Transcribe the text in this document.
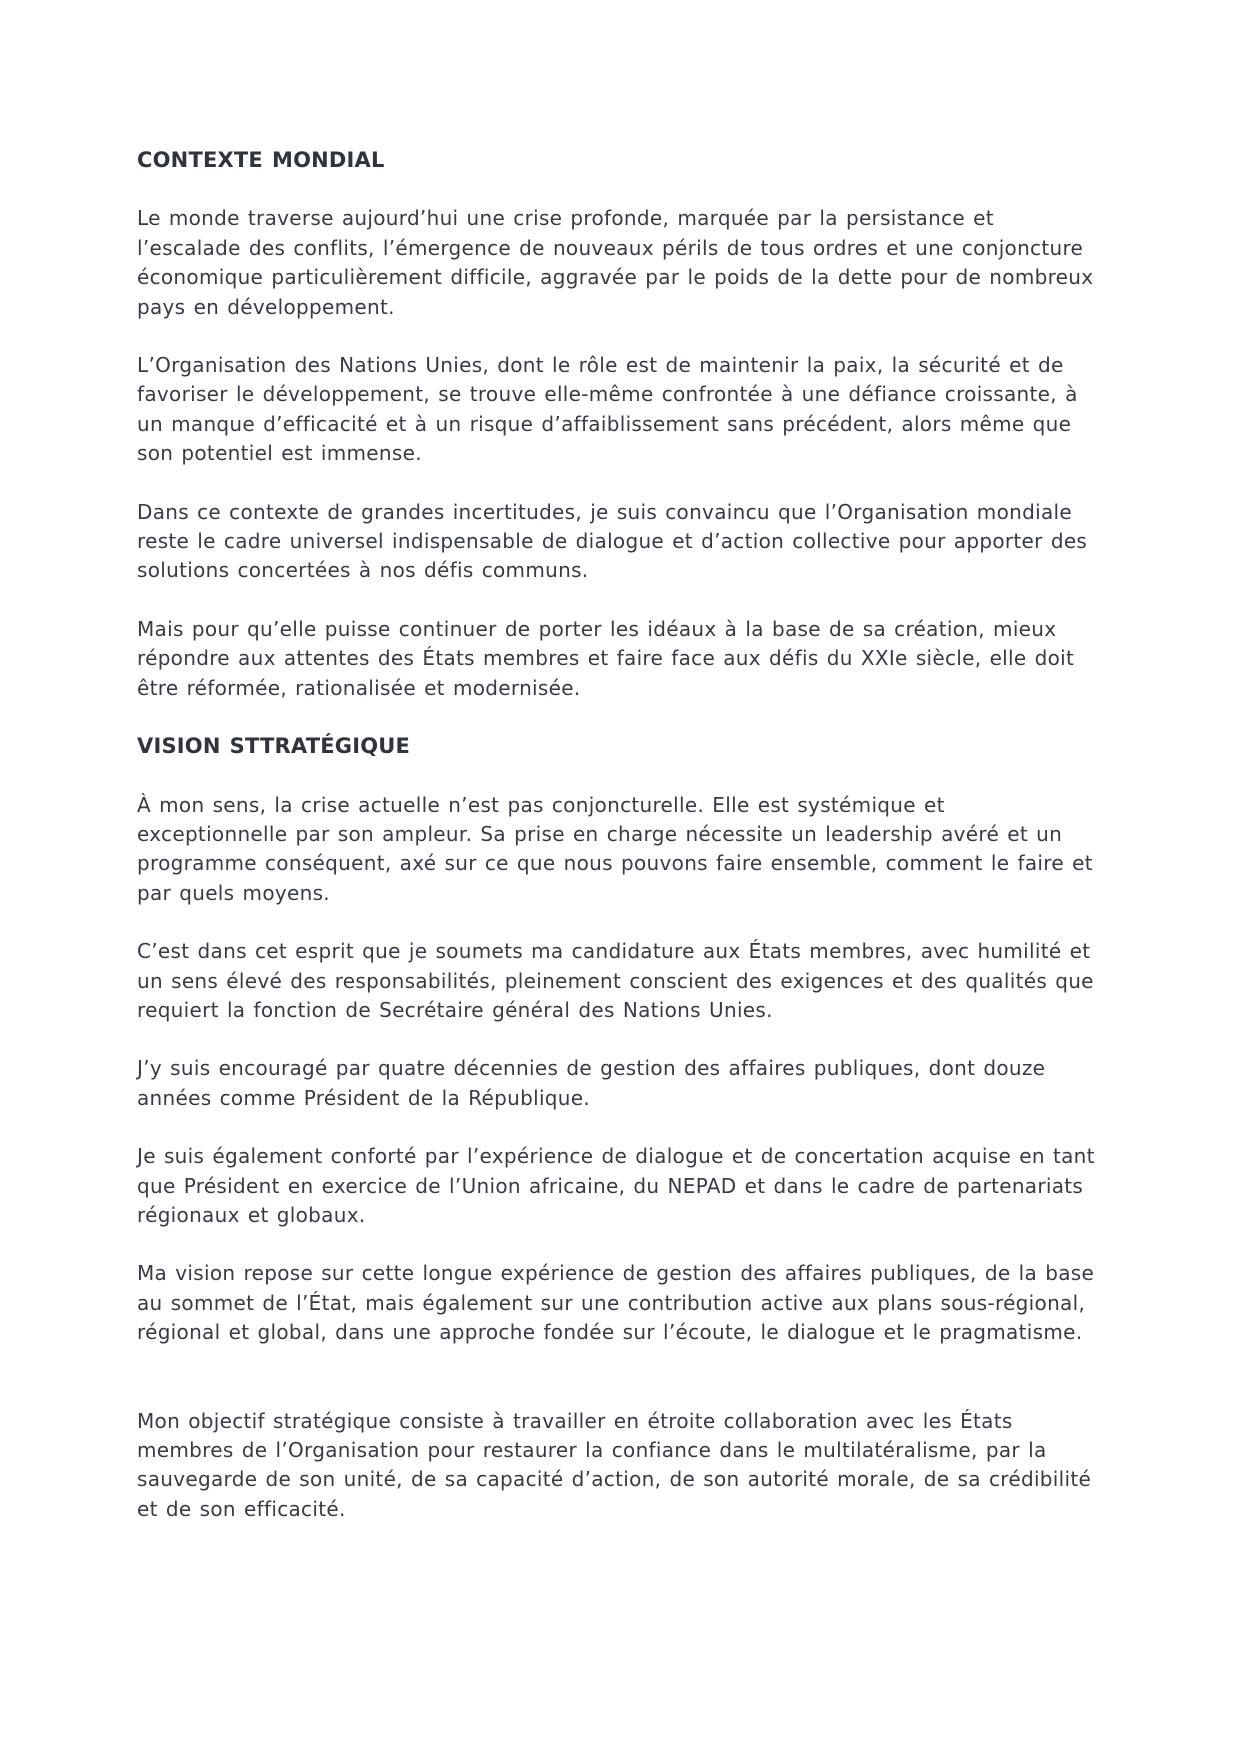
CONTEXTE MONDIAL

Le monde traverse aujourd’hui une crise profonde, marquée par la persistance et l’escalade des conflits, l’émergence de nouveaux périls de tous ordres et une conjoncture économique particulièrement difficile, aggravée par le poids de la dette pour de nombreux pays en développement.

L’Organisation des Nations Unies, dont le rôle est de maintenir la paix, la sécurité et de favoriser le développement, se trouve elle-même confrontée à une défiance croissante, à un manque d’efficacité et à un risque d’affaiblissement sans précédent, alors même que son potentiel est immense.

Dans ce contexte de grandes incertitudes, je suis convaincu que l’Organisation mondiale reste le cadre universel indispensable de dialogue et d’action collective pour apporter des solutions concertées à nos défis communs.

Mais pour qu’elle puisse continuer de porter les idéaux à la base de sa création, mieux répondre aux attentes des États membres et faire face aux défis du XXIe siècle, elle doit être réformée, rationalisée et modernisée.

VISION STTRATÉGIQUE

À mon sens, la crise actuelle n’est pas conjoncturelle. Elle est systémique et exceptionnelle par son ampleur. Sa prise en charge nécessite un leadership avéré et un programme conséquent, axé sur ce que nous pouvons faire ensemble, comment le faire et par quels moyens.

C’est dans cet esprit que je soumets ma candidature aux États membres, avec humilité et un sens élevé des responsabilités, pleinement conscient des exigences et des qualités que requiert la fonction de Secrétaire général des Nations Unies.

J’y suis encouragé par quatre décennies de gestion des affaires publiques, dont douze années comme Président de la République.

Je suis également conforté par l’expérience de dialogue et de concertation acquise en tant que Président en exercice de l’Union africaine, du NEPAD et dans le cadre de partenariats régionaux et globaux.

Ma vision repose sur cette longue expérience de gestion des affaires publiques, de la base au sommet de l’État, mais également sur une contribution active aux plans sous-régional, régional et global, dans une approche fondée sur l’écoute, le dialogue et le pragmatisme.

Mon objectif stratégique consiste à travailler en étroite collaboration avec les États membres de l’Organisation pour restaurer la confiance dans le multilatéralisme, par la sauvegarde de son unité, de sa capacité d’action, de son autorité morale, de sa crédibilité et de son efficacité.
